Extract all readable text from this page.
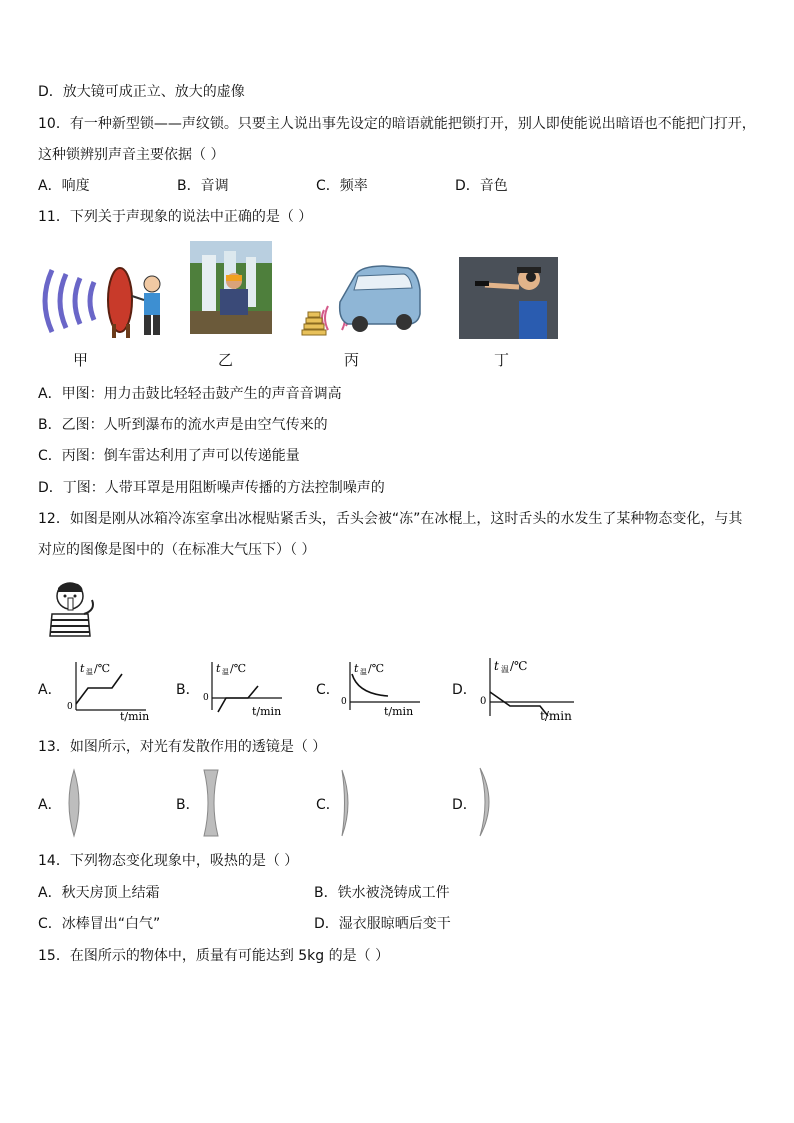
D．放大镜可成正立、放大的虚像
10．有一种新型锁——声纹锁。只要主人说出事先设定的暗语就能把锁打开，别人即使能说出暗语也不能把门打开，
这种锁辨别声音主要依据（ ）
A．响度	B．音调	C．频率	D．音色
11．下列关于声现象的说法中正确的是（ ）
甲	乙	丙	丁
A．甲图：用力击鼓比轻轻击鼓产生的声音音调高
B．乙图：人听到瀑布的流水声是由空气传来的
C．丙图：倒车雷达利用了声可以传递能量
D．丁图：人带耳罩是用阻断噪声传播的方法控制噪声的
12．如图是刚从冰箱冷冻室拿出冰棍贴紧舌头，舌头会被“冻”在冰棍上，这时舌头的水发生了某种物态变化，与其
对应的图像是图中的（在标准大气压下）（ ）
A．
t 温 /℃
0
t/min
B．
t 温 /℃
0
t/min
C．
t 温 /℃
0
t/min
D．
t 温 /℃
0
t/min
13．如图所示，对光有发散作用的透镜是（ ）
A．	B．	C．	D．
14．下列物态变化现象中，吸热的是（ ）
A．秋天房顶上结霜	B．铁水被浇铸成工件
C．冰棒冒出“白气”	D．湿衣服晾晒后变干
15．在图所示的物体中，质量有可能达到 5kg 的是（ ）
